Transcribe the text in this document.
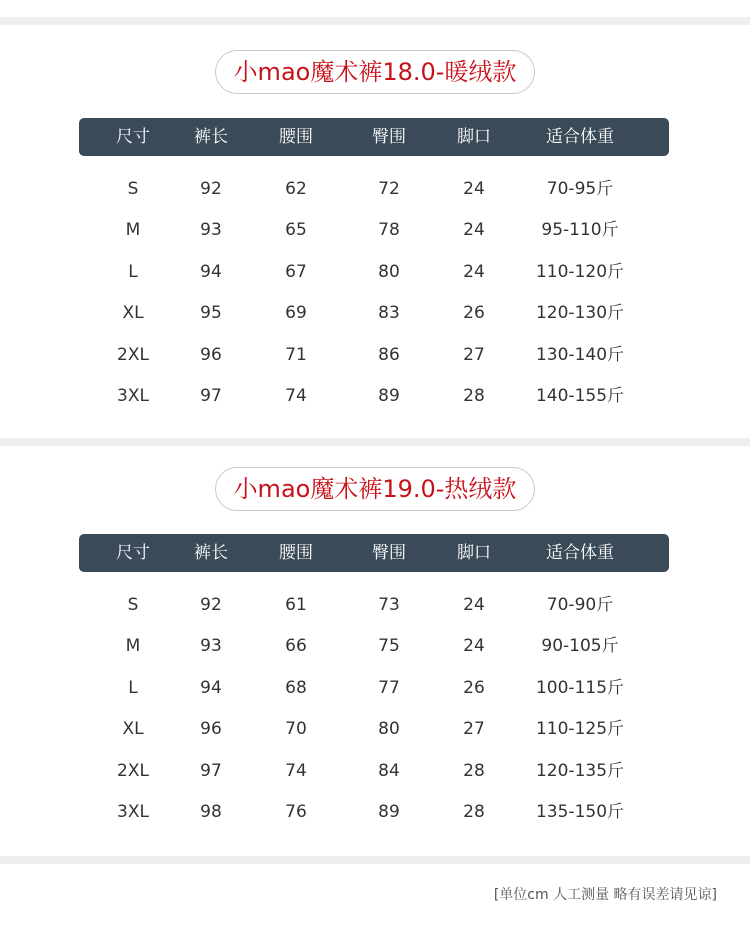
小mao魔术裤18.0-暖绒款
尺寸	裤长	腰围	臀围	脚口	适合体重
S	92	62	72	24	70-95斤
M	93	65	78	24	95-110斤
L	94	67	80	24	110-120斤
XL	95	69	83	26	120-130斤
2XL	96	71	86	27	130-140斤
3XL	97	74	89	28	140-155斤
小mao魔术裤19.0-热绒款
尺寸	裤长	腰围	臀围	脚口	适合体重
S	92	61	73	24	70-90斤
M	93	66	75	24	90-105斤
L	94	68	77	26	100-115斤
XL	96	70	80	27	110-125斤
2XL	97	74	84	28	120-135斤
3XL	98	76	89	28	135-150斤
[单位cm 人工测量 略有误差请见谅]
